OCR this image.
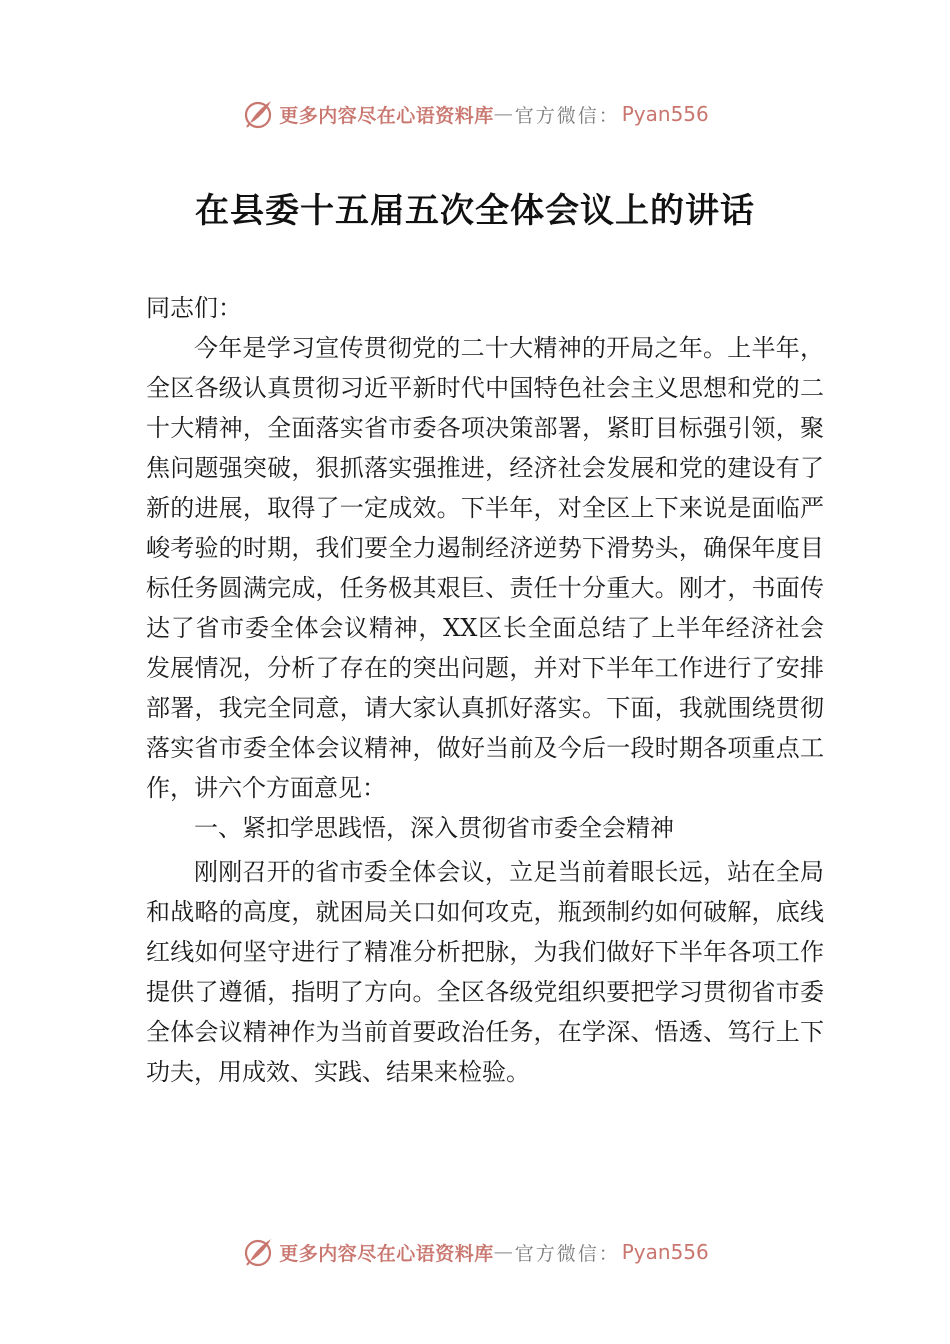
更多内容尽在心语资料库 — 官方微信： Pyan556
在县委十五届五次全体会议上的讲话

同志们：

今年是学习宣传贯彻党的二十大精神的开局之年。上半年，全区各级认真贯彻习近平新时代中国特色社会主义思想和党的二十大精神，全面落实省市委各项决策部署，紧盯目标强引领，聚焦问题强突破，狠抓落实强推进，经济社会发展和党的建设有了新的进展，取得了一定成效。下半年，对全区上下来说是面临严峻考验的时期，我们要全力遏制经济逆势下滑势头，确保年度目标任务圆满完成，任务极其艰巨、责任十分重大。刚才，书面传达了省市委全体会议精神，XX区长全面总结了上半年经济社会发展情况，分析了存在的突出问题，并对下半年工作进行了安排部署，我完全同意，请大家认真抓好落实。下面，我就围绕贯彻落实省市委全体会议精神，做好当前及今后一段时期各项重点工作，讲六个方面意见：

一、紧扣学思践悟，深入贯彻省市委全会精神

刚刚召开的省市委全体会议，立足当前着眼长远，站在全局和战略的高度，就困局关口如何攻克，瓶颈制约如何破解，底线红线如何坚守进行了精准分析把脉，为我们做好下半年各项工作提供了遵循，指明了方向。全区各级党组织要把学习贯彻省市委全体会议精神作为当前首要政治任务，在学深、悟透、笃行上下功夫，用成效、实践、结果来检验。

更多内容尽在心语资料库 — 官方微信： Pyan556
